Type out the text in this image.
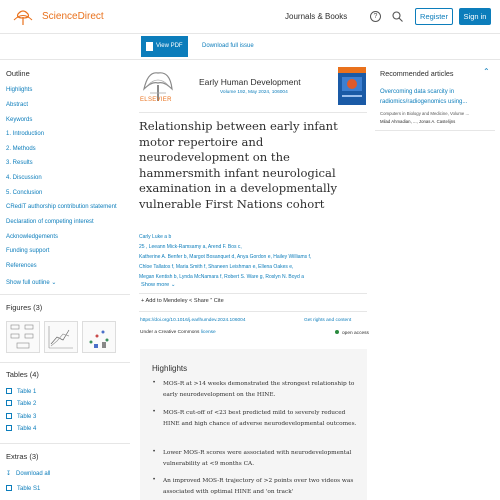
ScienceDirect	Journals & Books	?	Register	Sign in
View PDF	Download full issue
Outline
Highlights
Abstract
Keywords
1. Introduction
2. Methods
3. Results
4. Discussion
5. Conclusion
CRediT authorship contribution statement
Declaration of competing interest
Acknowledgements
Funding support
References
Show full outline ⌄
Figures (3)
Tables (4)
Table 1
Table 2
Table 3
Table 4
Extras (3)
↧ Download all
Table S1
ELSEVIER
Early Human Development
Volume 192, May 2024, 106004
Relationship between early infant motor repertoire and neurodevelopment on the hammersmith infant neurological examination in a developmentally vulnerable First Nations cohort
Carly Luke a b
25 , Leeann Mick-Ramsamy a, Arend F. Bos c,
Katherine A. Benfer b, Margot Bosanquet d, Anya Gordon e, Hailey Williams f,
Chloe Tallatos f, Maria Smith f, Shaneen Leishman e, Ellena Oakes e,
Megan Kentish b, Lynda McNamara f, Robert S. Ware g, Roslyn N. Boyd a
Show more ⌄
+ Add to Mendeley < Share ” Cite
https://doi.org/10.1016/j.earlhumdev.2024.106004	Get rights and content
Under a Creative Commons license	open access
Highlights
• MOS-R at >14 weeks demonstrated the strongest relationship to early neurodevelopment on the HINE.
• MOS-R cut-off of <23 best predicted mild to severely reduced HINE and high chance of adverse neurodevelopmental outcomes.
• Lower MOS-R scores were associated with neurodevelopmental vulnerability at <9 months CA.
• An improved MOS-R trajectory of >2 points over two videos was associated with optimal HINE and 'on track'
Recommended articles	⌃
Overcoming data scarcity in radiomics/radiogenomics using...
Computers in Biology and Medicine, Volume ...
Milad Ahmadian, ..., Jonas A. Castelijns
